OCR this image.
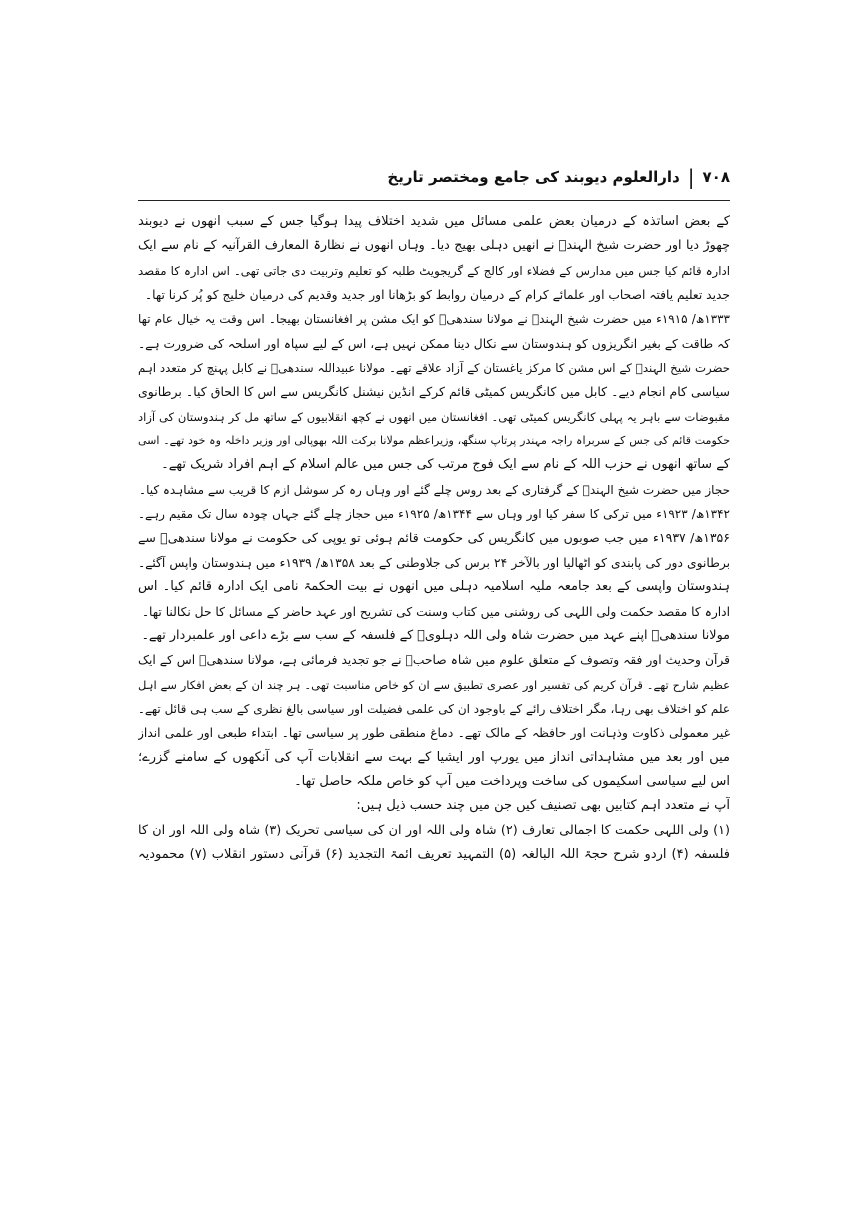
۷۰۸
|
دارالعلوم دیوبند کی جامع ومختصر تاریخ
کے بعض اساتذہ کے درمیان بعض علمی مسائل میں شدید اختلاف پیدا ہوگیا جس کے سبب انھوں نے دیوبند
چھوڑ دیا اور حضرت شیخ الہندؒ نے انھیں دہلی بھیج دیا۔ وہاں انھوں نے نظارۃ المعارف القرآنیہ کے نام سے ایک
ادارہ قائم کیا جس میں مدارس کے فضلاء اور کالج کے گریجویٹ طلبہ کو تعلیم وتربیت دی جاتی تھی۔ اس ادارہ کا مقصد
جدید تعلیم یافتہ اصحاب اور علمائے کرام کے درمیان روابط کو بڑھانا اور جدید وقدیم کی درمیان خلیج کو پُر کرنا تھا۔
۱۳۳۳ھ/ ۱۹۱۵ء میں حضرت شیخ الہندؒ نے مولانا سندھیؒ کو ایک مشن پر افغانستان بھیجا۔ اس وقت یہ خیال عام تھا
کہ طاقت کے بغیر انگریزوں کو ہندوستان سے نکال دینا ممکن نہیں ہے، اس کے لیے سپاہ اور اسلحہ کی ضرورت ہے۔
حضرت شیخ الہندؒ کے اس مشن کا مرکز یاغستان کے آزاد علاقے تھے۔ مولانا عبیداللہ سندھیؒ نے کابل پہنچ کر متعدد اہم
سیاسی کام انجام دیے۔ کابل میں کانگریس کمیٹی قائم کرکے انڈین نیشنل کانگریس سے اس کا الحاق کیا۔ برطانوی
مقبوضات سے باہر یہ پہلی کانگریس کمیٹی تھی۔ افغانستان میں انھوں نے کچھ انقلابیوں کے ساتھ مل کر ہندوستان کی آزاد
حکومت قائم کی جس کے سربراہ راجہ مہندر پرتاپ سنگھ، وزیراعظم مولانا برکت اللہ بھوپالی اور وزیر داخلہ وہ خود تھے۔ اسی
کے ساتھ انھوں نے حزب اللہ کے نام سے ایک فوج مرتب کی جس میں عالم اسلام کے اہم افراد شریک تھے۔
حجاز میں حضرت شیخ الہندؒ کے گرفتاری کے بعد روس چلے گئے اور وہاں رہ کر سوشل ازم کا قریب سے مشاہدہ کیا۔
۱۳۴۲ھ/ ۱۹۲۳ء میں ترکی کا سفر کیا اور وہاں سے ۱۳۴۴ھ/ ۱۹۲۵ء میں حجاز چلے گئے جہاں چودہ سال تک مقیم رہے۔
۱۳۵۶ھ/ ۱۹۳۷ء میں جب صوبوں میں کانگریس کی حکومت قائم ہوئی تو یوپی کی حکومت نے مولانا سندھیؒ سے
برطانوی دور کی پابندی کو اٹھالیا اور بالآخر ۲۴ برس کی جلاوطنی کے بعد ۱۳۵۸ھ/ ۱۹۳۹ء میں ہندوستان واپس آگئے۔
ہندوستان واپسی کے بعد جامعہ ملیہ اسلامیہ دہلی میں انھوں نے بیت الحکمۃ نامی ایک ادارہ قائم کیا۔ اس
ادارہ کا مقصد حکمت ولی اللہی کی روشنی میں کتاب وسنت کی تشریح اور عہد حاضر کے مسائل کا حل نکالنا تھا۔
مولانا سندھیؒ اپنے عہد میں حضرت شاہ ولی اللہ دہلویؒ کے فلسفہ کے سب سے بڑے داعی اور علمبردار تھے۔
قرآن وحدیث اور فقہ وتصوف کے متعلق علوم میں شاہ صاحبؒ نے جو تجدید فرمائی ہے، مولانا سندھیؒ اس کے ایک
عظیم شارح تھے۔ قرآن کریم کی تفسیر اور عصری تطبیق سے ان کو خاص مناسبت تھی۔ ہر چند ان کے بعض افکار سے اہل
علم کو اختلاف بھی رہا، مگر اختلاف رائے کے باوجود ان کی علمی فضیلت اور سیاسی بالغ نظری کے سب ہی قائل تھے۔
غیر معمولی ذکاوت وذہانت اور حافظہ کے مالک تھے۔ دماغ منطقی طور پر سیاسی تھا۔ ابتداء طبعی اور علمی انداز
میں اور بعد میں مشاہداتی انداز میں یورپ اور ایشیا کے بہت سے انقلابات آپ کی آنکھوں کے سامنے گزرے؛
اس لیے سیاسی اسکیموں کی ساخت وپرداخت میں آپ کو خاص ملکہ حاصل تھا۔
آپ نے متعدد اہم کتابیں بھی تصنیف کیں جن میں چند حسب ذیل ہیں:
(۱) ولی اللہی حکمت کا اجمالی تعارف (۲) شاہ ولی اللہ اور ان کی سیاسی تحریک (۳) شاہ ولی اللہ اور ان کا
فلسفہ (۴) اردو شرح حجۃ اللہ البالغہ (۵) التمہید تعریف ائمۃ التجدید (۶) قرآنی دستور انقلاب (۷) محمودیہ
